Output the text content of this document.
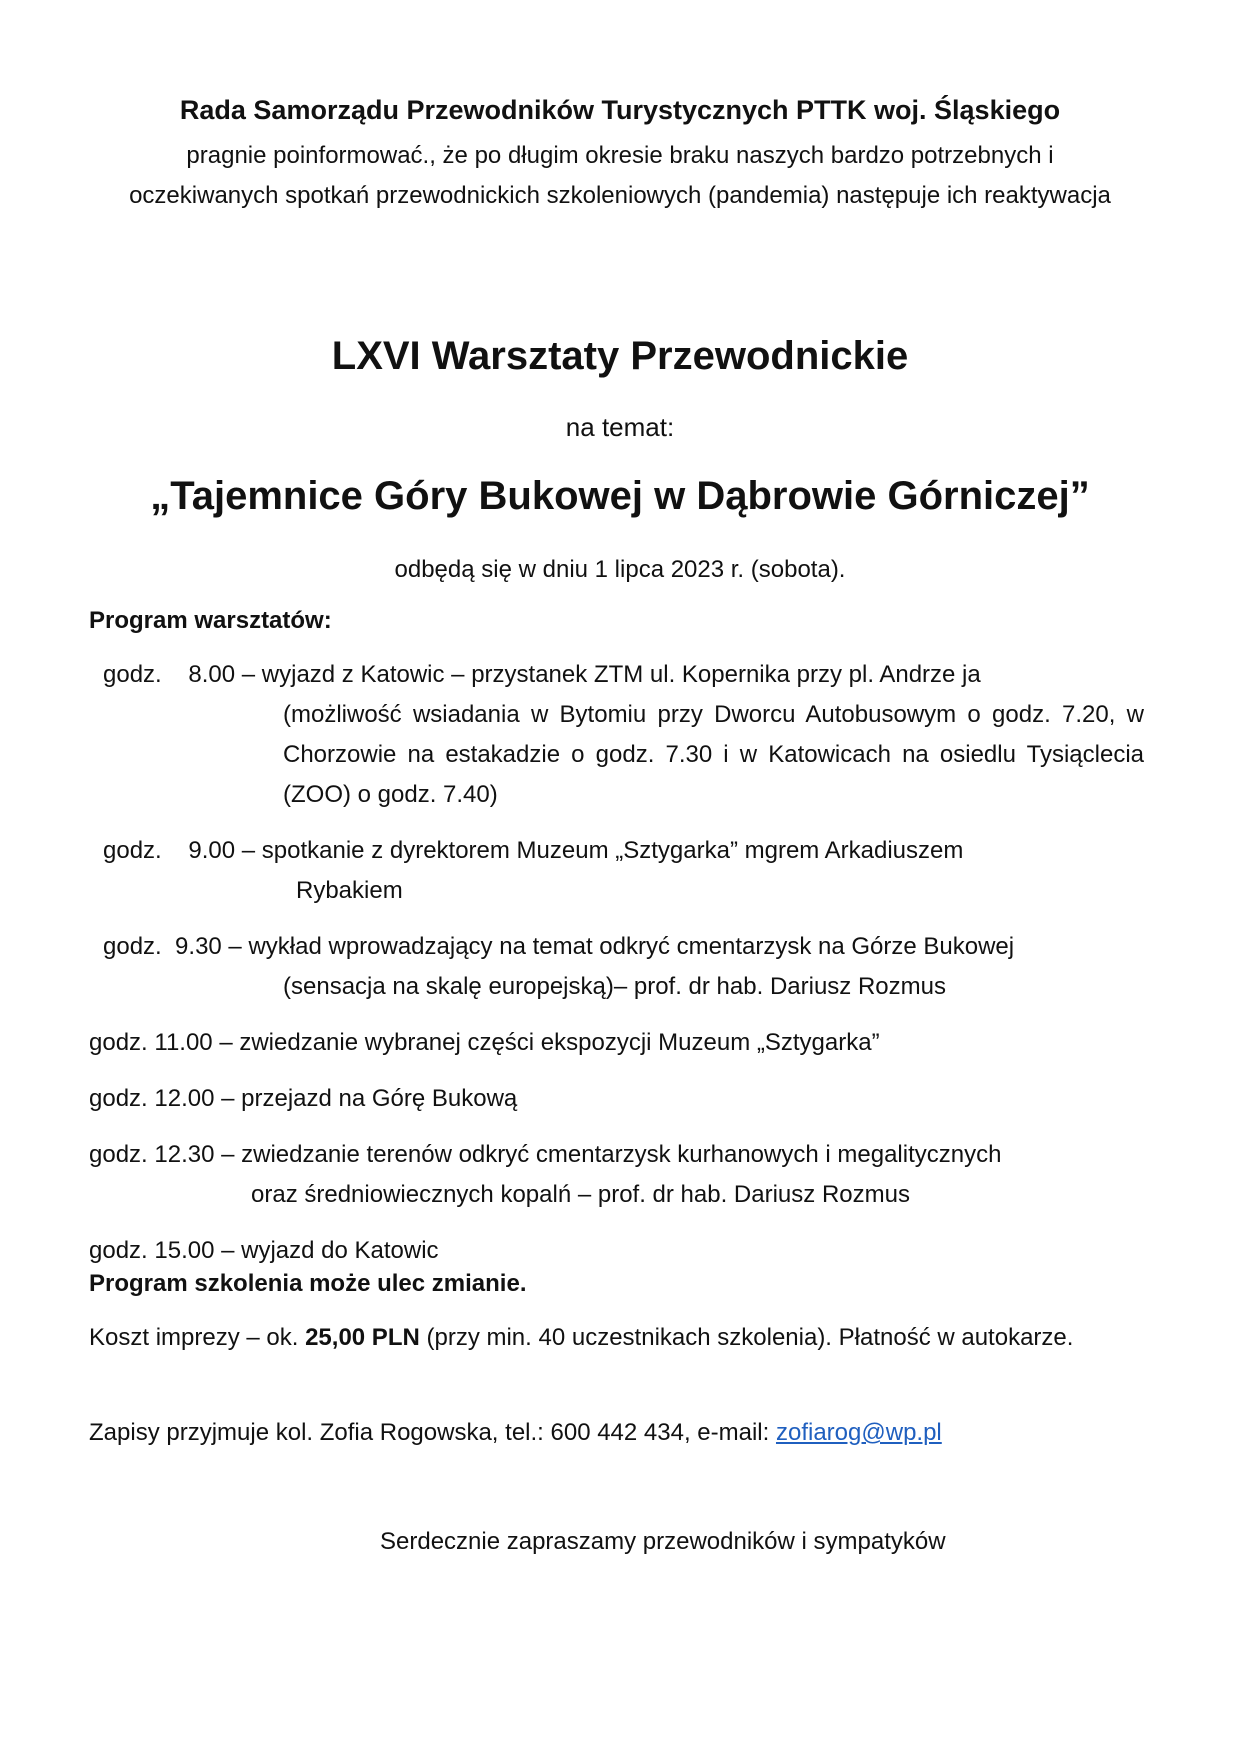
Rada Samorządu Przewodników Turystycznych PTTK woj. Śląskiego

pragnie poinformować., że po długim okresie braku naszych bardzo potrzebnych i oczekiwanych spotkań przewodnickich szkoleniowych (pandemia) następuje ich reaktywacja

LXVI Warsztaty Przewodnickie

na temat:

„Tajemnice Góry Bukowej w Dąbrowie Górniczej”

odbędą się w dniu 1 lipca 2023 r. (sobota).

Program warsztatów:

godz.    8.00 – wyjazd z Katowic – przystanek ZTM ul. Kopernika przy pl. Andrze ja
(możliwość wsiadania w Bytomiu przy Dworcu Autobusowym o godz. 7.20, w Chorzowie na estakadzie o godz. 7.30 i w Katowicach na osiedlu Tysiąclecia (ZOO) o godz. 7.40)
godz.    9.00 – spotkanie z dyrektorem Muzeum „Sztygarka” mgrem Arkadiuszem
Rybakiem
godz.  9.30 – wykład wprowadzający na temat odkryć cmentarzysk na Górze Bukowej
(sensacja na skalę europejską)– prof. dr hab. Dariusz Rozmus
godz. 11.00 – zwiedzanie wybranej części ekspozycji Muzeum „Sztygarka”
godz. 12.00 – przejazd na Górę Bukową
godz. 12.30 – zwiedzanie terenów odkryć cmentarzysk kurhanowych i megalitycznych
oraz średniowiecznych kopalń – prof. dr hab. Dariusz Rozmus
godz. 15.00 – wyjazd do Katowic

Program szkolenia może ulec zmianie.

Koszt imprezy – ok. 25,00 PLN (przy min. 40 uczestnikach szkolenia). Płatność w autokarze.

Zapisy przyjmuje kol. Zofia Rogowska, tel.: 600 442 434, e-mail: zofiarog@wp.pl

Serdecznie zapraszamy przewodników i sympatyków
